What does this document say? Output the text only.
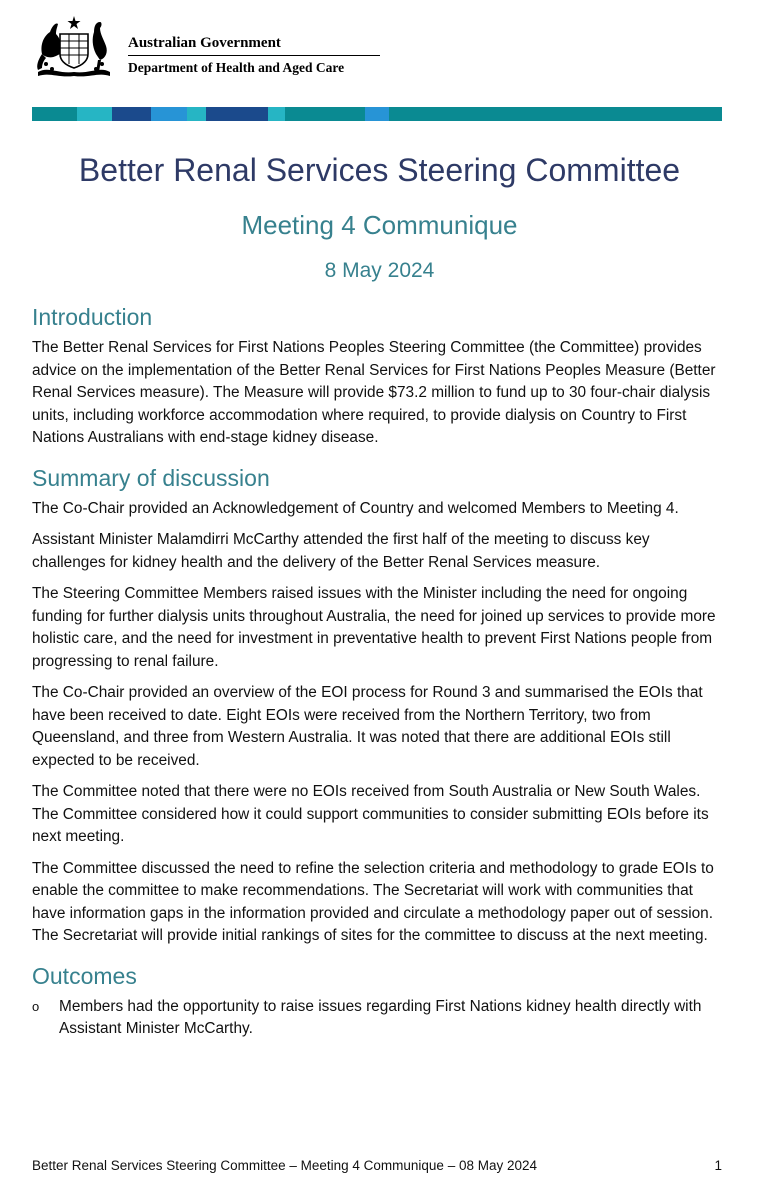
Australian Government
Department of Health and Aged Care
Better Renal Services Steering Committee
Meeting 4 Communique
8 May 2024
Introduction

The Better Renal Services for First Nations Peoples Steering Committee (the Committee) provides advice on the implementation of the Better Renal Services for First Nations Peoples Measure (Better Renal Services measure). The Measure will provide $73.2 million to fund up to 30 four-chair dialysis units, including workforce accommodation where required, to provide dialysis on Country to First Nations Australians with end-stage kidney disease.

Summary of discussion

The Co-Chair provided an Acknowledgement of Country and welcomed Members to Meeting 4.

Assistant Minister Malamdirri McCarthy attended the first half of the meeting to discuss key challenges for kidney health and the delivery of the Better Renal Services measure.

The Steering Committee Members raised issues with the Minister including the need for ongoing funding for further dialysis units throughout Australia, the need for joined up services to provide more holistic care, and the need for investment in preventative health to prevent First Nations people from progressing to renal failure.

The Co-Chair provided an overview of the EOI process for Round 3 and summarised the EOIs that have been received to date. Eight EOIs were received from the Northern Territory, two from Queensland, and three from Western Australia. It was noted that there are additional EOIs still expected to be received.

The Committee noted that there were no EOIs received from South Australia or New South Wales. The Committee considered how it could support communities to consider submitting EOIs before its next meeting.

The Committee discussed the need to refine the selection criteria and methodology to grade EOIs to enable the committee to make recommendations. The Secretariat will work with communities that have information gaps in the information provided and circulate a methodology paper out of session. The Secretariat will provide initial rankings of sites for the committee to discuss at the next meeting.

Outcomes
o Members had the opportunity to raise issues regarding First Nations kidney health directly with Assistant Minister McCarthy.
Better Renal Services Steering Committee – Meeting 4 Communique – 08 May 2024	1
